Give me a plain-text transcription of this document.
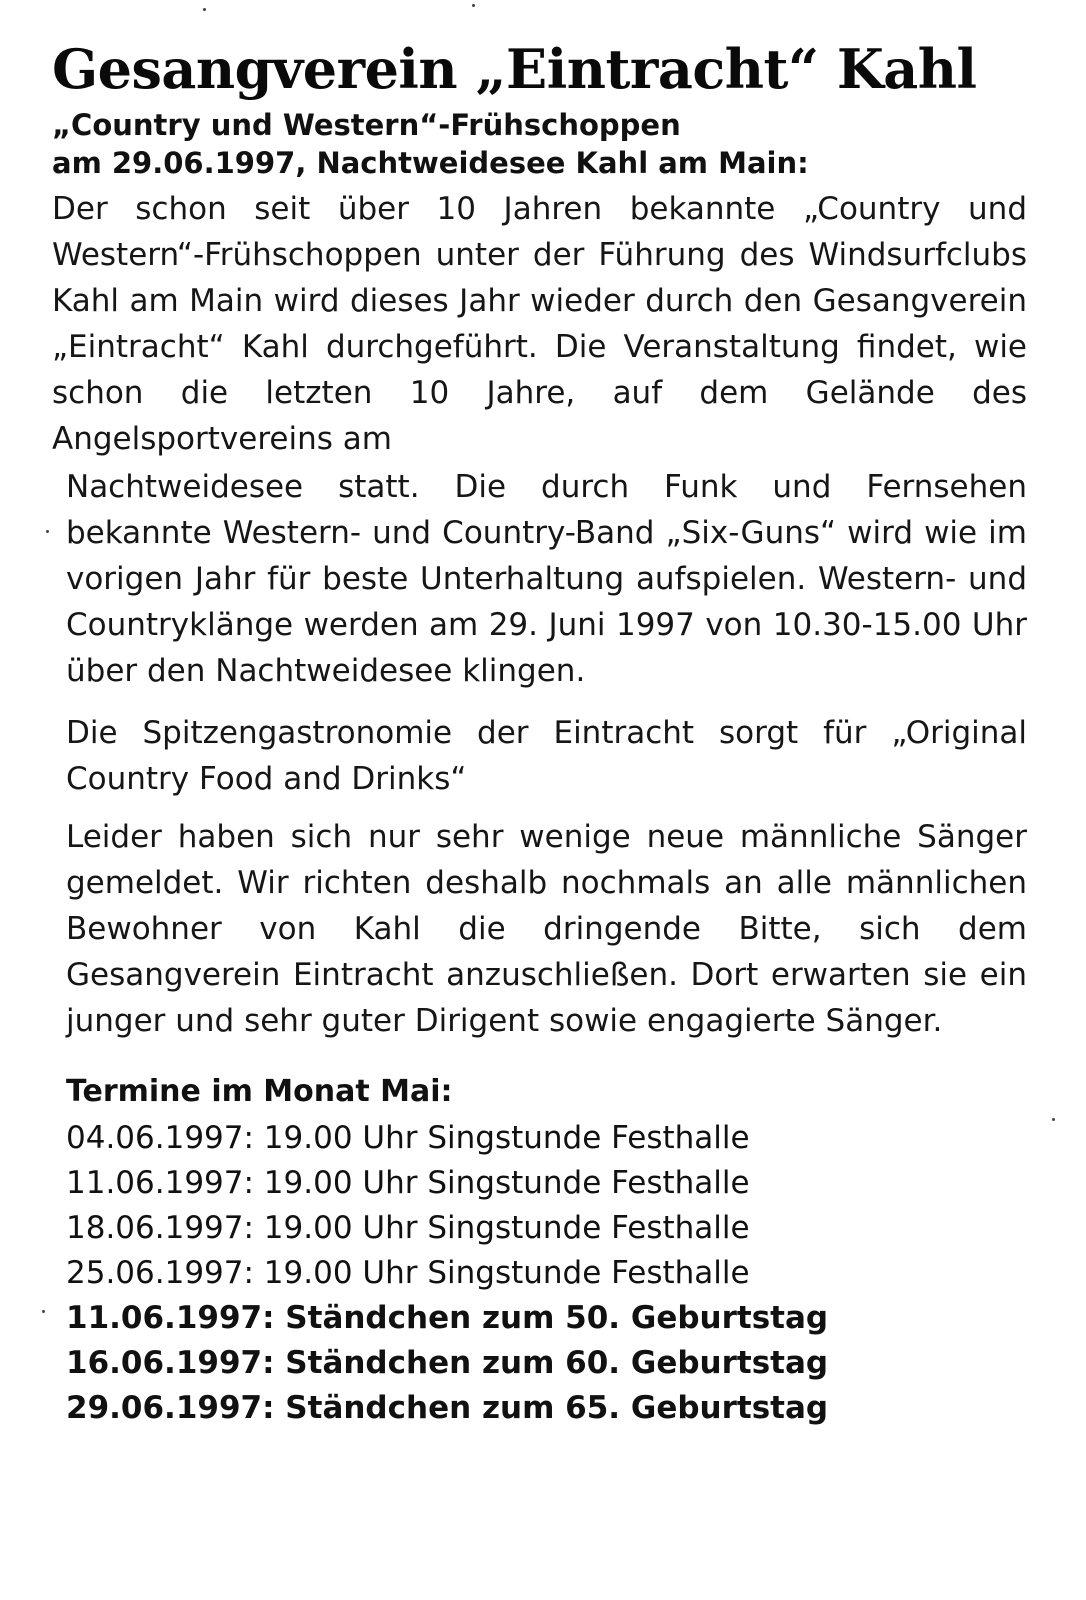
Gesangverein „Eintracht“ Kahl

„Country und Western“-Frühschoppen

am 29.06.1997, Nachtweidesee Kahl am Main:

Der schon seit über 10 Jahren bekannte „Country und Western“-Frühschoppen unter der Führung des Windsurfclubs Kahl am Main wird dieses Jahr wieder durch den Gesangverein „Eintracht“ Kahl durchgeführt. Die Veranstaltung findet, wie schon die letzten 10 Jahre, auf dem Gelände des Angelsportvereins am

Nachtweidesee statt. Die durch Funk und Fernsehen bekannte Western- und Country-Band „Six-Guns“ wird wie im vorigen Jahr für beste Unterhaltung aufspielen. Western- und Countryklänge werden am 29. Juni 1997 von 10.30-15.00 Uhr über den Nachtweidesee klingen.

Die Spitzengastronomie der Eintracht sorgt für „Original Country Food and Drinks“

Leider haben sich nur sehr wenige neue männliche Sänger gemeldet. Wir richten deshalb nochmals an alle männlichen Bewohner von Kahl die dringende Bitte, sich dem Gesangverein Eintracht anzuschließen. Dort erwarten sie ein junger und sehr guter Dirigent sowie engagierte Sänger.

Termine im Monat Mai:
04.06.1997: 19.00 Uhr Singstunde Festhalle
11.06.1997: 19.00 Uhr Singstunde Festhalle
18.06.1997: 19.00 Uhr Singstunde Festhalle
25.06.1997: 19.00 Uhr Singstunde Festhalle
11.06.1997: Ständchen zum 50. Geburtstag
16.06.1997: Ständchen zum 60. Geburtstag
29.06.1997: Ständchen zum 65. Geburtstag
